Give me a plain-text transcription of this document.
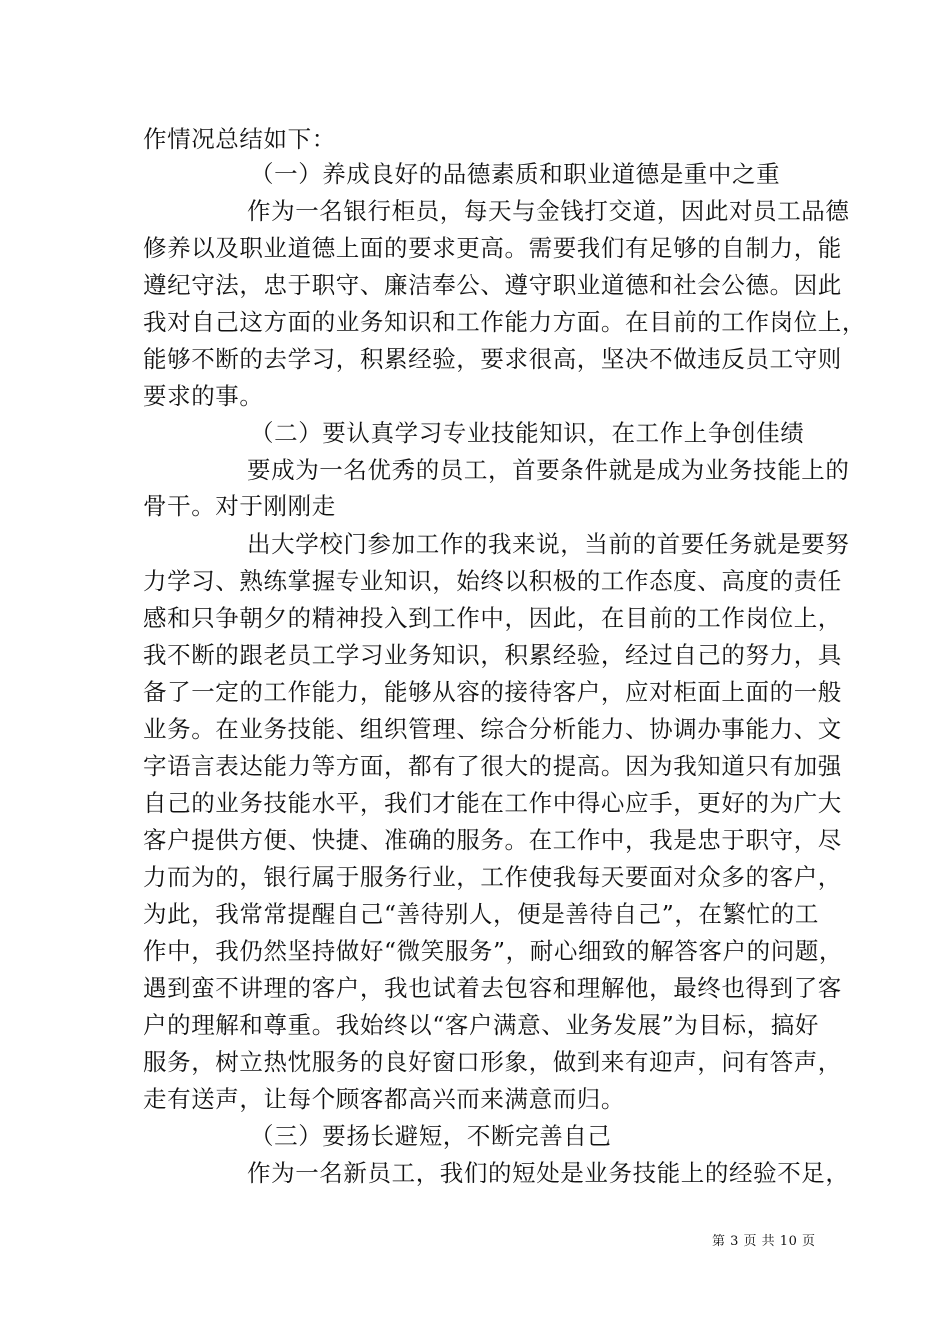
作情况总结如下：
（一）养成良好的品德素质和职业道德是重中之重
作为一名银行柜员，每天与金钱打交道，因此对员工品德
修养以及职业道德上面的要求更高。需要我们有足够的自制力，能
遵纪守法，忠于职守、廉洁奉公、遵守职业道德和社会公德。因此
我对自己这方面的业务知识和工作能力方面。在目前的工作岗位上，
能够不断的去学习，积累经验，要求很高，坚决不做违反员工守则
要求的事。
（二）要认真学习专业技能知识，在工作上争创佳绩
要成为一名优秀的员工，首要条件就是成为业务技能上的
骨干。对于刚刚走
出大学校门参加工作的我来说，当前的首要任务就是要努
力学习、熟练掌握专业知识，始终以积极的工作态度、高度的责任
感和只争朝夕的精神投入到工作中，因此，在目前的工作岗位上，
我不断的跟老员工学习业务知识，积累经验，经过自己的努力，具
备了一定的工作能力，能够从容的接待客户，应对柜面上面的一般
业务。在业务技能、组织管理、综合分析能力、协调办事能力、文
字语言表达能力等方面，都有了很大的提高。因为我知道只有加强
自己的业务技能水平，我们才能在工作中得心应手，更好的为广大
客户提供方便、快捷、准确的服务。在工作中，我是忠于职守，尽
力而为的，银行属于服务行业，工作使我每天要面对众多的客户，
为此，我常常提醒自己“善待别人，便是善待自己”，在繁忙的工
作中，我仍然坚持做好“微笑服务”，耐心细致的解答客户的问题，
遇到蛮不讲理的客户，我也试着去包容和理解他，最终也得到了客
户的理解和尊重。我始终以“客户满意、业务发展”为目标，搞好
服务，树立热忱服务的良好窗口形象，做到来有迎声，问有答声，
走有送声，让每个顾客都高兴而来满意而归。
（三）要扬长避短，不断完善自己
作为一名新员工，我们的短处是业务技能上的经验不足，
第 3 页 共 10 页
